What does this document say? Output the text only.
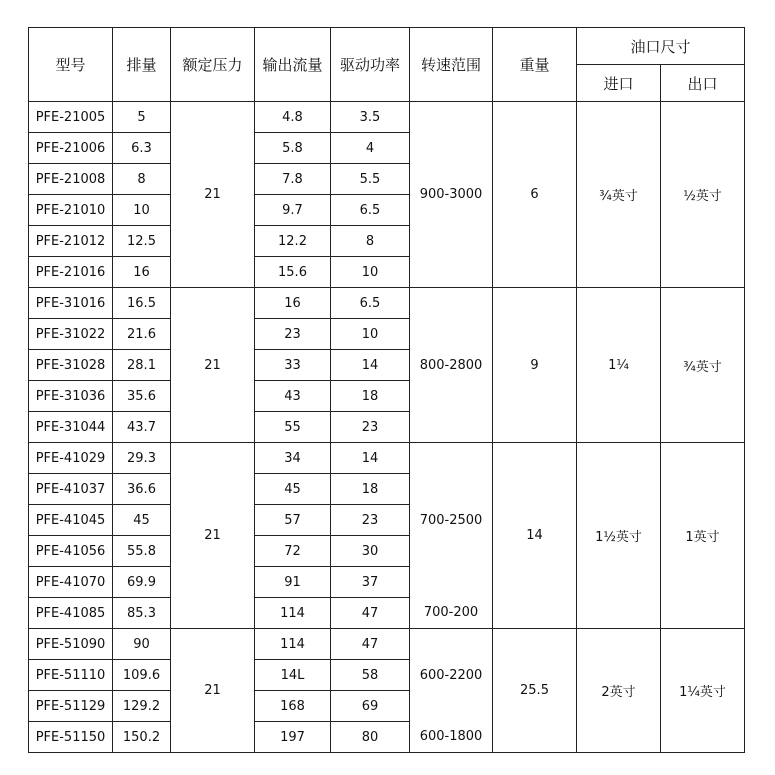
型号	排量	额定压力	输出流量	驱动功率	转速范围	重量	油口尺寸	
							进口	出口
PFE-21005	5	21	4.8	3.5	900-3000	6	¾英寸	½英寸
PFE-21006	6.3		5.8	4				
PFE-21008	8		7.8	5.5				
PFE-21010	10		9.7	6.5				
PFE-21012	12.5		12.2	8				
PFE-21016	16		15.6	10				
PFE-31016	16.5	21	16	6.5	800-2800	9	1¼	¾英寸
PFE-31022	21.6		23	10				
PFE-31028	28.1		33	14				
PFE-31036	35.6		43	18				
PFE-31044	43.7		55	23				
PFE-41029	29.3	21	34	14	700-2500	14	1½英寸	1英寸
PFE-41037	36.6		45	18				
PFE-41045	45		57	23				
PFE-41056	55.8		72	30				
PFE-41070	69.9		91	37				
PFE-41085	85.3		114	47	700-200			
PFE-51090	90	21	114	47	600-2200	25.5	2英寸	1¼英寸
PFE-51110	109.6		14L	58				
PFE-51129	129.2		168	69				
PFE-51150	150.2		197	80	600-1800			
